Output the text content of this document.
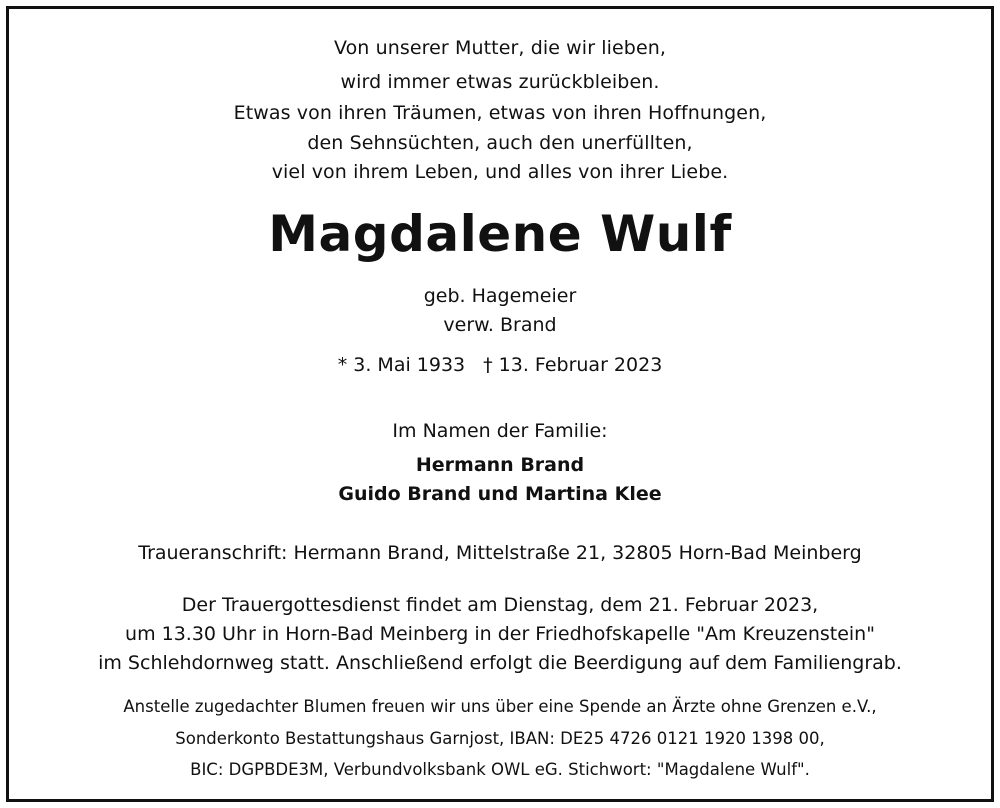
Von unserer Mutter, die wir lieben,
wird immer etwas zurückbleiben.
Etwas von ihren Träumen, etwas von ihren Hoffnungen,
den Sehnsüchten, auch den unerfüllten,
viel von ihrem Leben, und alles von ihrer Liebe.
Magdalene Wulf
geb. Hagemeier
verw. Brand
* 3. Mai 1933 † 13. Februar 2023
Im Namen der Familie:
Hermann Brand
Guido Brand und Martina Klee
Traueranschrift: Hermann Brand, Mittelstraße 21, 32805 Horn-Bad Meinberg
Der Trauergottesdienst findet am Dienstag, dem 21. Februar 2023,
um 13.30 Uhr in Horn-Bad Meinberg in der Friedhofskapelle "Am Kreuzenstein"
im Schlehdornweg statt. Anschließend erfolgt die Beerdigung auf dem Familiengrab.
Anstelle zugedachter Blumen freuen wir uns über eine Spende an Ärzte ohne Grenzen e.V.,
Sonderkonto Bestattungshaus Garnjost, IBAN: DE25 4726 0121 1920 1398 00,
BIC: DGPBDE3M, Verbundvolksbank OWL eG. Stichwort: "Magdalene Wulf".
